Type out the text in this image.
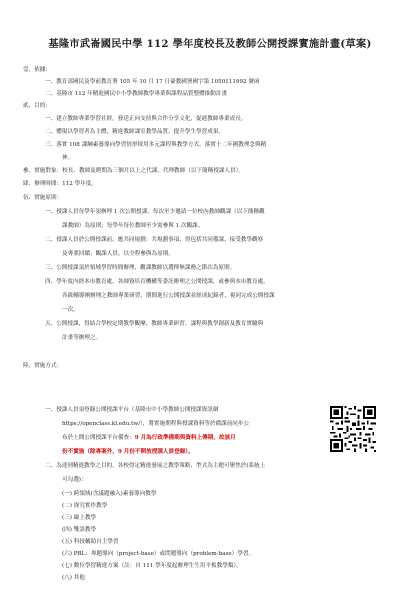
基隆市武崙國民中學 112 學年度校長及教師公開授課實施計畫(草案)
壹、依據：
一、教育部國民及學前教育署 105 年 10 月 17 日臺教國署國字第 1050111992 號函
二、基隆市 112 年精進國民中小學教師教學專業與課程品質整體推動計畫
貳、目的：
一、建立教師專業學習社群，發送正向支持與合作分享文化，促進教師專業成長。
二、體現以學習者為主體，精進教師課室教學品質，提升學生學習成果。
三、落實 108 課綱素養導向學習情形探用多元課程與教學方式，落實十二年國教理念與精
神。
參、實施對象：校長、教師及聘期為三個月以上之代課、代理教師（以下簡稱授課人員）。
肆、辦理時間：112 學年度。
伍、實施原則：
一、授課人員每學年須辦理 1 次公開授課，每次至少邀請一位校內教師觀課（以下簡稱觀
課教師）為原則；每學年每位教師至少需參與 1 次觀課。
二、授課人員於公開授課前，應共同規劃：共規劃事項，得包括共同備課、接受教學觀察
及專業回饋：觀課人員，以全程參與為原則。
三、公開授課須於領域學習時間辦理，觀課教師以選擇無課務之節次為原則。
四、學年度內經本市教育處、各師資培育機構等委託辦理之公開授課，或參與本市教育處、
各級輔導團辦理之教師專業研習，期間進行公開授課並經成紀錄者，視同完成公開授課
一次。
五、公開授課，得結合學校定期教學觀摩、教師專業研習、課程與教學創新及教育實驗與
計畫等辦理之。
陸、實施方式：
一、授課人員須登錄公開授課平台（基隆市中小學教師公開授課資訊網
https://openclass.kl.edu.tw/），將實施期程與授課資料等於備課前同步公
布於上開公開授課平台備查：9 月為行政準備期與資料上傳期，故該月
份不實施（除專案外，9 月份不開放授課人員登錄）。
二、為達到精進教學之目的，各校得定精進發展之教學策略、型式為主題可聚焦於(系統上
可勾選)：
(一) 跨領域(含議題融入)素養導向教學
(二) 探究實作教學
(三) 線上教學
(四) 雙語教學
(五) 科技輔助自主學習
(六) PBL：專題導向（project-base）或問題導向（problem-base）學習。
(七) 數位學習精進方案（註：自 111 學年度起辦理生生用平板教學類）。
(八) 其他
